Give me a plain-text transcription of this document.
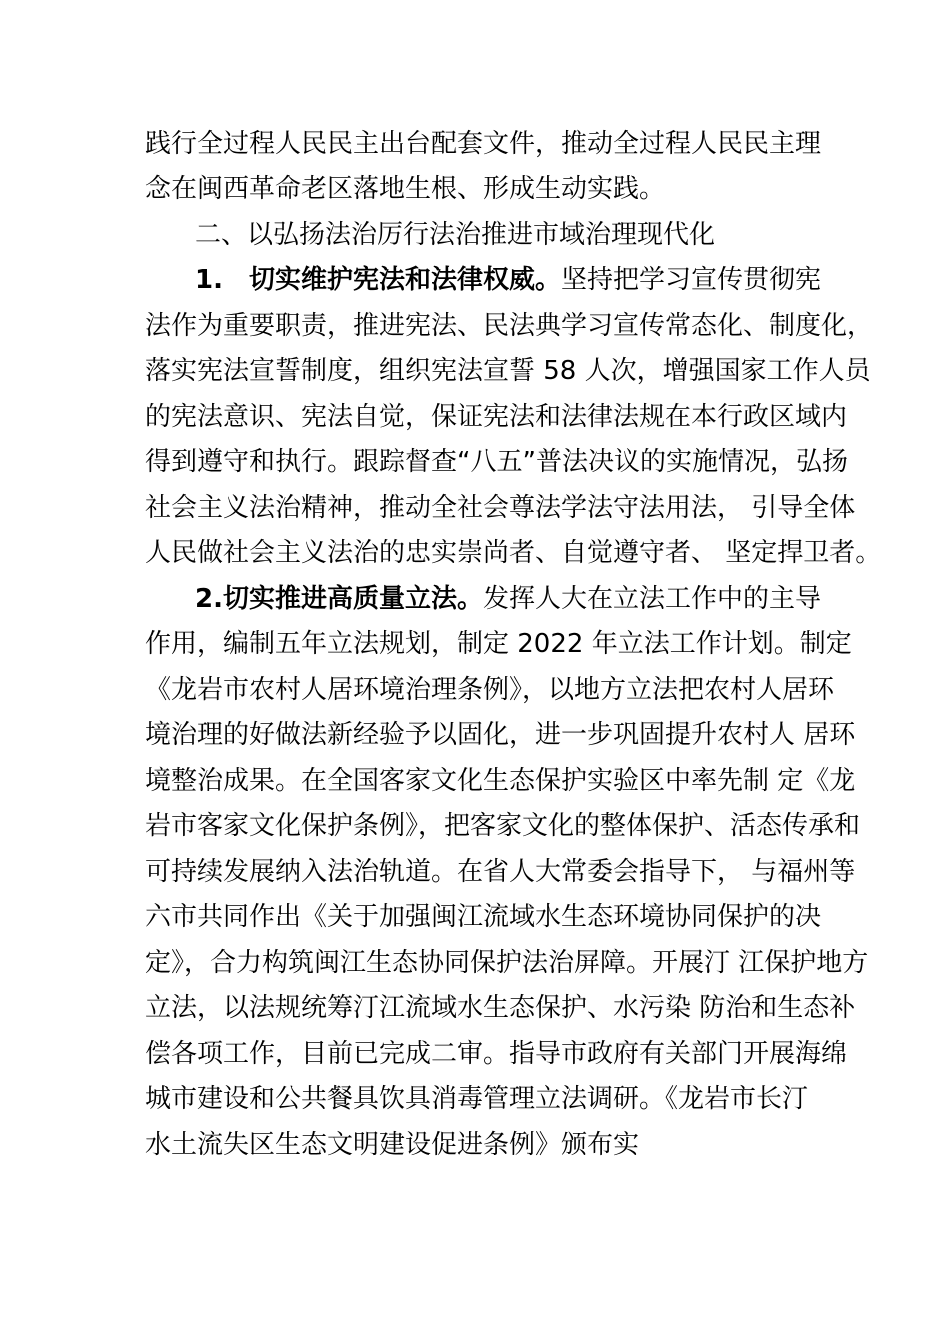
践行全过程人民民主出台配套文件，推动全过程人民民主理
念在闽西革命老区落地生根、形成生动实践。
二、以弘扬法治厉行法治推进市域治理现代化
1.　切实维护宪法和法律权威。坚持把学习宣传贯彻宪
法作为重要职责，推进宪法、民法典学习宣传常态化、制度化，
落实宪法宣誓制度，组织宪法宣誓 58 人次，增强国家工作人员
的宪法意识、宪法自觉，保证宪法和法律法规在本行政区域内
得到遵守和执行。跟踪督查“八五”普法决议的实施情况，弘扬
社会主义法治精神，推动全社会尊法学法守法用法， 引导全体
人民做社会主义法治的忠实崇尚者、自觉遵守者、 坚定捍卫者。
2.切实推进高质量立法。发挥人大在立法工作中的主导
作用，编制五年立法规划，制定 2022 年立法工作计划。制定
《龙岩市农村人居环境治理条例》，以地方立法把农村人居环
境治理的好做法新经验予以固化，进一步巩固提升农村人 居环
境整治成果。在全国客家文化生态保护实验区中率先制 定《龙
岩市客家文化保护条例》，把客家文化的整体保护、活态传承和
可持续发展纳入法治轨道。在省人大常委会指导下， 与福州等
六市共同作出《关于加强闽江流域水生态环境协同保护的决
定》，合力构筑闽江生态协同保护法治屏障。开展汀 江保护地方
立法，以法规统筹汀江流域水生态保护、水污染 防治和生态补
偿各项工作，目前已完成二审。指导市政府有关部门开展海绵
城市建设和公共餐具饮具消毒管理立法调研。《龙岩市长汀
水土流失区生态文明建设促进条例》颁布实
